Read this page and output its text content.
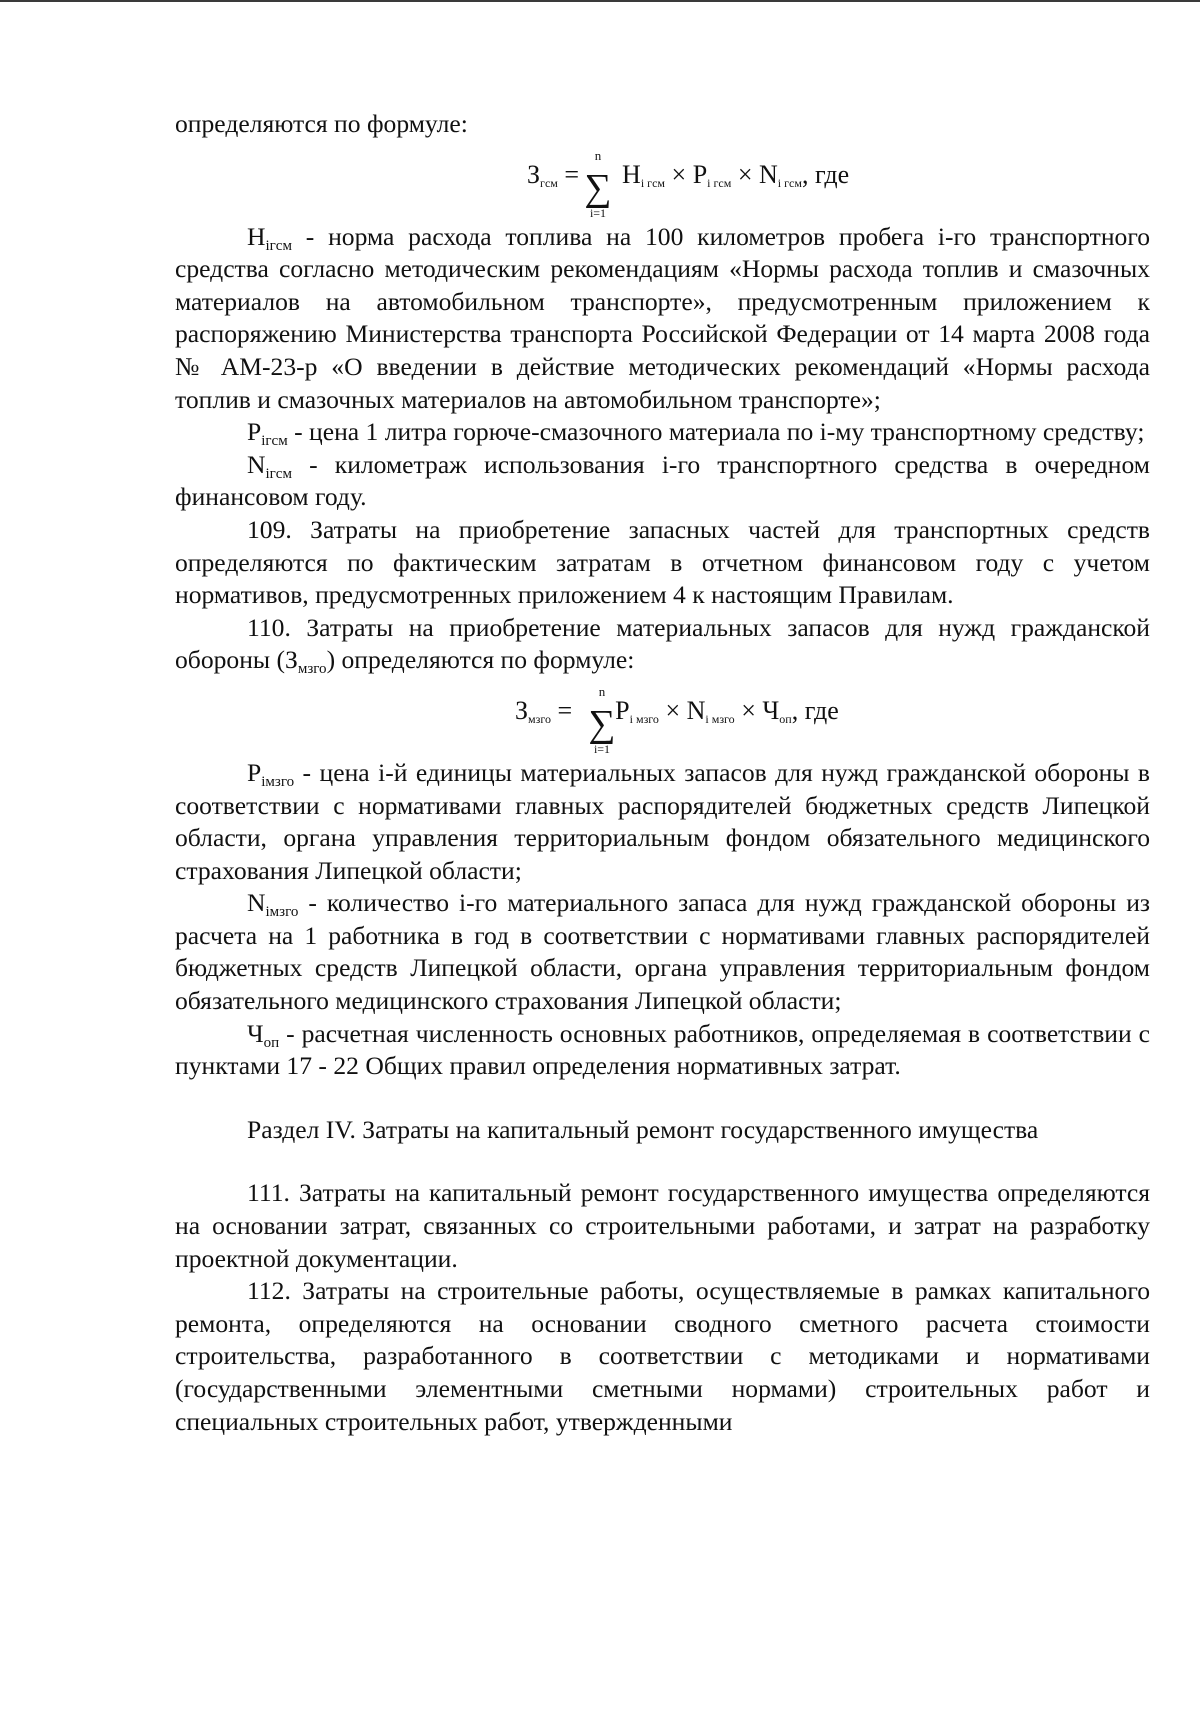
определяются по формуле:

Згсм = Hi гсм × Pi гсм × Ni гсм, где
n
∑
i=1

$H_{iгсм}$ - норма расхода топлива на 100 километров пробега i-го транспортного средства согласно методическим рекомендациям «Нормы расхода топлив и смазочных материалов на автомобильном транспорте», предусмотренным приложением к распоряжению Министерства транспорта Российской Федерации от 14 марта 2008 года № АМ-23-р «О введении в действие методических рекомендаций «Нормы расхода топлив и смазочных материалов на автомобильном транспорте»;

$P_{iгсм}$ - цена 1 литра горюче-смазочного материала по i-му транспортному средству;

$N_{iгсм}$ - километраж использования i-го транспортного средства в очередном финансовом году.

109. Затраты на приобретение запасных частей для транспортных средств определяются по фактическим затратам в отчетном финансовом году с учетом нормативов, предусмотренных приложением 4 к настоящим Правилам.

110. Затраты на приобретение материальных запасов для нужд гражданской обороны $(З_{мзго})$ определяются по формуле:

Змзго = Pi мзго × Ni мзго × Чоп, где
n
∑
i=1

$P_{iмзго}$ - цена i-й единицы материальных запасов для нужд гражданской обороны в соответствии с нормативами главных распорядителей бюджетных средств Липецкой области, органа управления территориальным фондом обязательного медицинского страхования Липецкой области;

$N_{iмзго}$ - количество i-го материального запаса для нужд гражданской обороны из расчета на 1 работника в год в соответствии с нормативами главных распорядителей бюджетных средств Липецкой области, органа управления территориальным фондом обязательного медицинского страхования Липецкой области;

$Ч_{оп}$ - расчетная численность основных работников, определяемая в соответствии с пунктами 17 - 22 Общих правил определения нормативных затрат.

Раздел IV. Затраты на капитальный ремонт государственного имущества

111. Затраты на капитальный ремонт государственного имущества определяются на основании затрат, связанных со строительными работами, и затрат на разработку проектной документации.

112. Затраты на строительные работы, осуществляемые в рамках капитального ремонта, определяются на основании сводного сметного расчета стоимости строительства, разработанного в соответствии с методиками и нормативами (государственными элементными сметными нормами) строительных работ и специальных строительных работ, утвержденными
